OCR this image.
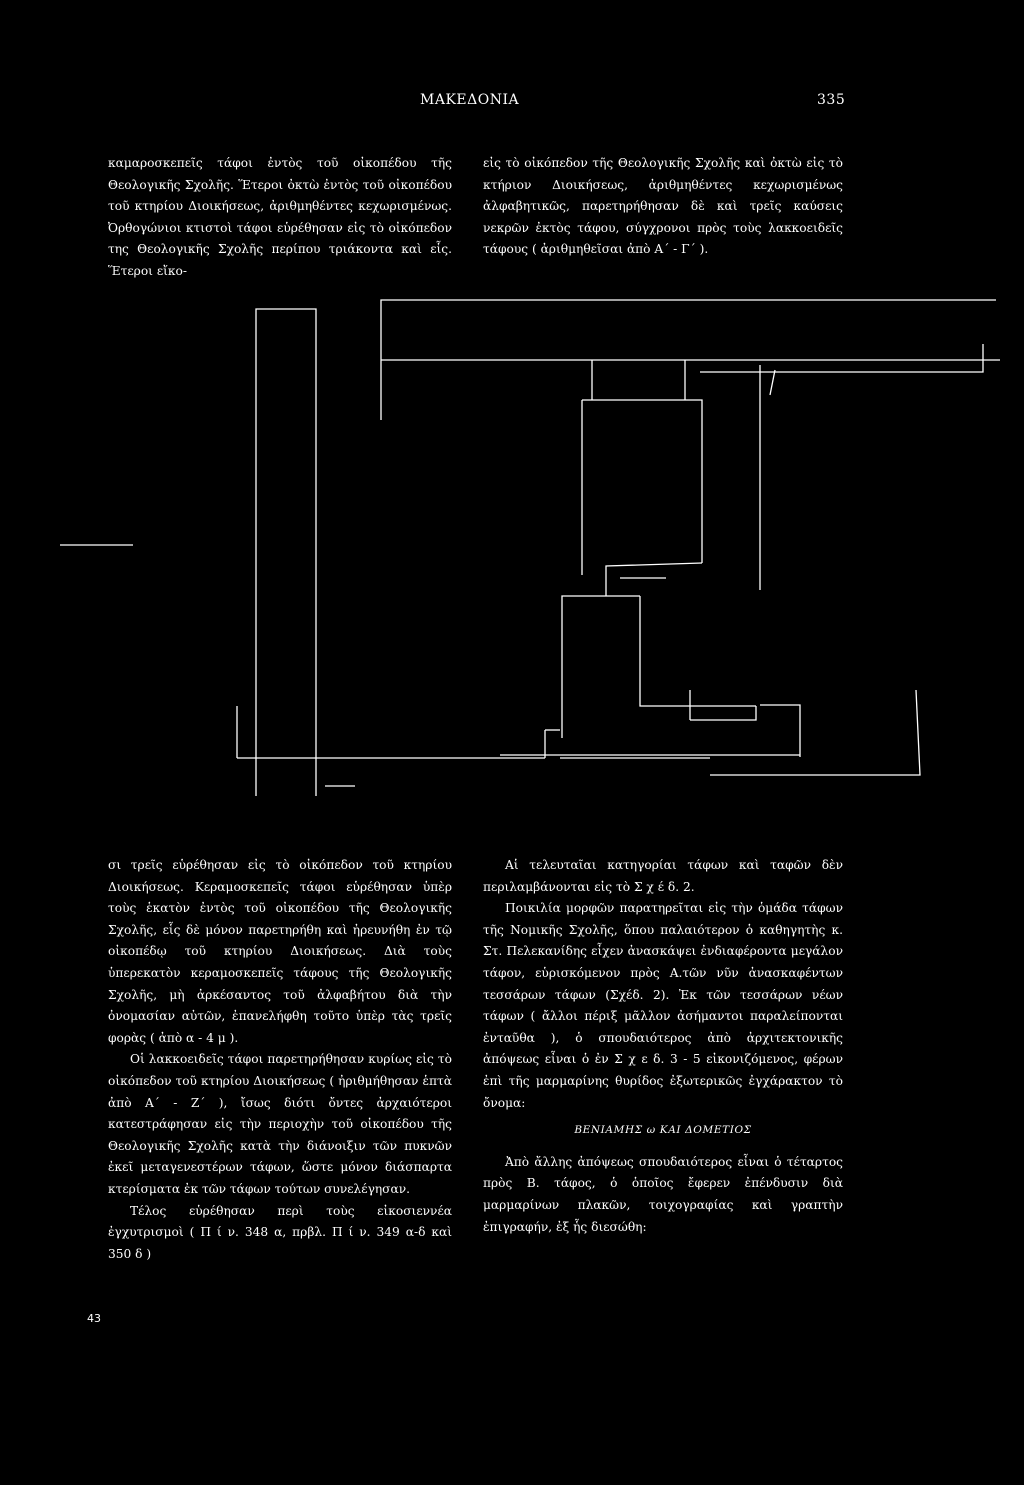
ΜΑΚΕΔΟΝΙΑ	335

καμαροσκεπεῖς τάφοι ἐντὸς τοῦ οἰκοπέδου τῆς Θεολογικῆς Σχολῆς. Ἕτεροι ὀκτὼ ἐντὸς τοῦ οἰκοπέδου τοῦ κτηρίου Διοικήσεως, ἀριθμηθέντες κεχωρισμένως. Ὀρθογώνιοι κτιστοὶ τάφοι εὑρέθησαν εἰς τὸ οἰκόπεδον της Θεολογικῆς Σχολῆς περίπου τριάκοντα καὶ εἷς. Ἕτεροι εἴκο-

εἰς τὸ οἰκόπεδον τῆς Θεολογικῆς Σχολῆς καὶ ὀκτὼ εἰς τὸ κτήριον Διοικήσεως, ἀριθμηθέντες κεχωρισμένως ἀλφαβητικῶς, παρετηρήθησαν δὲ καὶ τρεῖς καύσεις νεκρῶν ἐκτὸς τάφου, σύγχρονοι πρὸς τοὺς λακκοειδεῖς τάφους ( ἀριθμηθεῖσαι ἀπὸ Α΄ - Γ΄ ).

σι τρεῖς εὑρέθησαν εἰς τὸ οἰκόπεδον τοῦ κτηρίου Διοικήσεως. Κεραμοσκεπεῖς τάφοι εὑρέθησαν ὑπὲρ τοὺς ἑκατὸν ἐντὸς τοῦ οἰκοπέδου τῆς Θεολογικῆς Σχολῆς, εἷς δὲ μόνον παρετηρήθη καὶ ἠρευνήθη ἐν τῷ οἰκοπέδῳ τοῦ κτηρίου Διοικήσεως. Διὰ τοὺς ὑπερεκατὸν κεραμοσκεπεῖς τάφους τῆς Θεολογικῆς Σχολῆς, μὴ ἀρκέσαντος τοῦ ἀλφαβήτου διὰ τὴν ὀνομασίαν αὐτῶν, ἐπανελήφθη τοῦτο ὑπὲρ τὰς τρεῖς φορὰς ( ἀπὸ α - 4 μ ).

Οἱ λακκοειδεῖς τάφοι παρετηρήθησαν κυρίως εἰς τὸ οἰκόπεδον τοῦ κτηρίου Διοικήσεως ( ἠριθμήθησαν ἑπτὰ ἀπὸ Α΄ - Ζ΄ ), ἴσως διότι ὄντες ἀρχαιότεροι κατεστράφησαν εἰς τὴν περιοχὴν τοῦ οἰκοπέδου τῆς Θεολογικῆς Σχολῆς κατὰ τὴν διάνοιξιν τῶν πυκνῶν ἐκεῖ μεταγενεστέρων τάφων, ὥστε μόνον διάσπαρτα κτερίσματα ἐκ τῶν τάφων τούτων συνελέγησαν.

Τέλος εὑρέθησαν περὶ τοὺς εἰκοσιεννέα ἐγχυτρισμοὶ ( Π ί ν. 348 α, πρβλ. Π ί ν. 349 α-δ καὶ 350 δ )

Αἱ τελευταῖαι κατηγορίαι τάφων καὶ ταφῶν δὲν περιλαμβάνονται εἰς τὸ Σ χ έ δ. 2.

Ποικιλία μορφῶν παρατηρεῖται εἰς τὴν ὁμάδα τάφων τῆς Νομικῆς Σχολῆς, ὅπου παλαιότερον ὁ καθηγητὴς κ. Στ. Πελεκανίδης εἶχεν ἀνασκάψει ἐνδιαφέροντα μεγάλον τάφον, εὑρισκόμενον πρὸς Α.τῶν νῦν ἀνασκαφέντων τεσσάρων τάφων (Σχέδ. 2). Ἐκ τῶν τεσσάρων νέων τάφων ( ἄλλοι πέριξ μᾶλλον ἀσήμαντοι παραλείπονται ἐνταῦθα ), ὁ σπουδαιότερος ἀπὸ ἀρχιτεκτονικῆς ἀπόψεως εἶναι ὁ ἐν Σ χ ε δ. 3 - 5 εἰκονιζόμενος, φέρων ἐπὶ τῆς μαρμαρίνης θυρίδος ἐξωτερικῶς ἐγχάρακτον τὸ ὄνομα:

ΒΕΝΙΑΜΗΣ ω ΚΑΙ ΔΟΜΕΤΙΟΣ

Ἀπὸ ἄλλης ἀπόψεως σπουδαιότερος εἶναι ὁ τέταρτος πρὸς Β. τάφος, ὁ ὁποῖος ἔφερεν ἐπένδυσιν διὰ μαρμαρίνων πλακῶν, τοιχογραφίας καὶ γραπτὴν ἐπιγραφήν, ἐξ ἧς διεσώθη:

43
